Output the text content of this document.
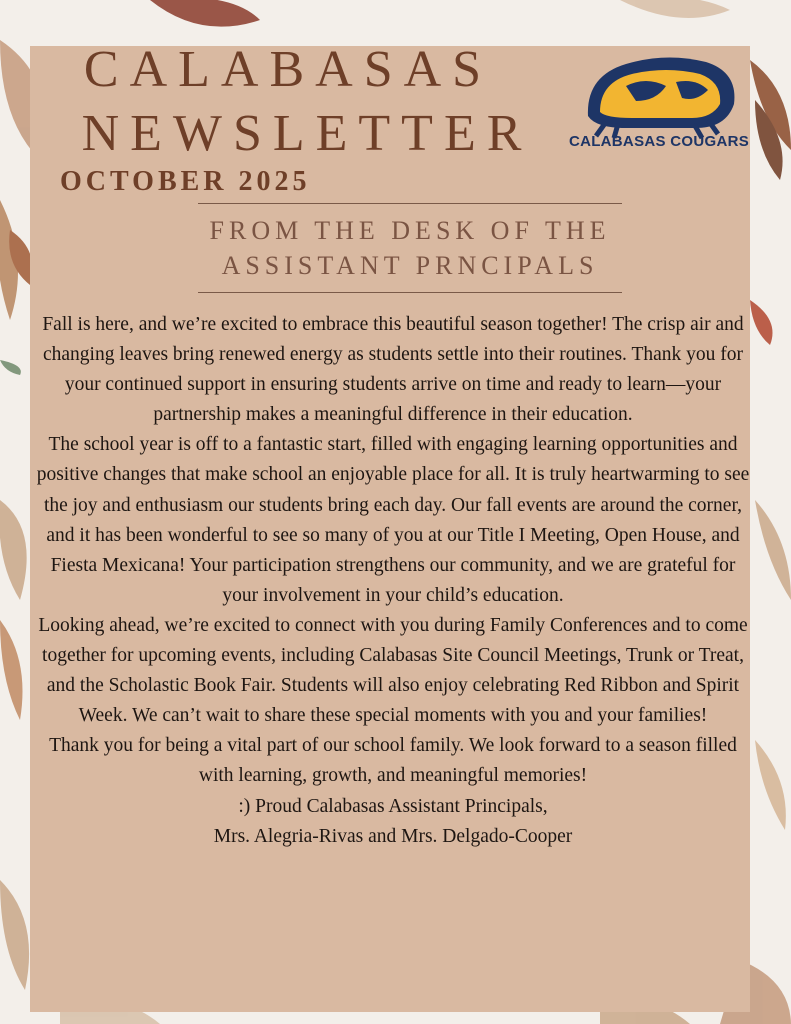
CALABASAS
NEWSLETTER
OCTOBER 2025
CALABASAS COUGARS
FROM THE DESK OF THE
ASSISTANT PRNCIPALS

Fall is here, and we’re excited to embrace this beautiful season together! The crisp air and changing leaves bring renewed energy as students settle into their routines. Thank you for your continued support in ensuring students arrive on time and ready to learn—your partnership makes a meaningful difference in their education.

The school year is off to a fantastic start, filled with engaging learning opportunities and positive changes that make school an enjoyable place for all. It is truly heartwarming to see the joy and enthusiasm our students bring each day. Our fall events are around the corner, and it has been wonderful to see so many of you at our Title I Meeting, Open House, and Fiesta Mexicana! Your participation strengthens our community, and we are grateful for your involvement in your child’s education.

Looking ahead, we’re excited to connect with you during Family Conferences and to come together for upcoming events, including Calabasas Site Council Meetings, Trunk or Treat, and the Scholastic Book Fair. Students will also enjoy celebrating Red Ribbon and Spirit Week. We can’t wait to share these special moments with you and your families!

Thank you for being a vital part of our school family. We look forward to a season filled with learning, growth, and meaningful memories!

:) Proud Calabasas Assistant Principals,

Mrs. Alegria-Rivas and Mrs. Delgado-Cooper
